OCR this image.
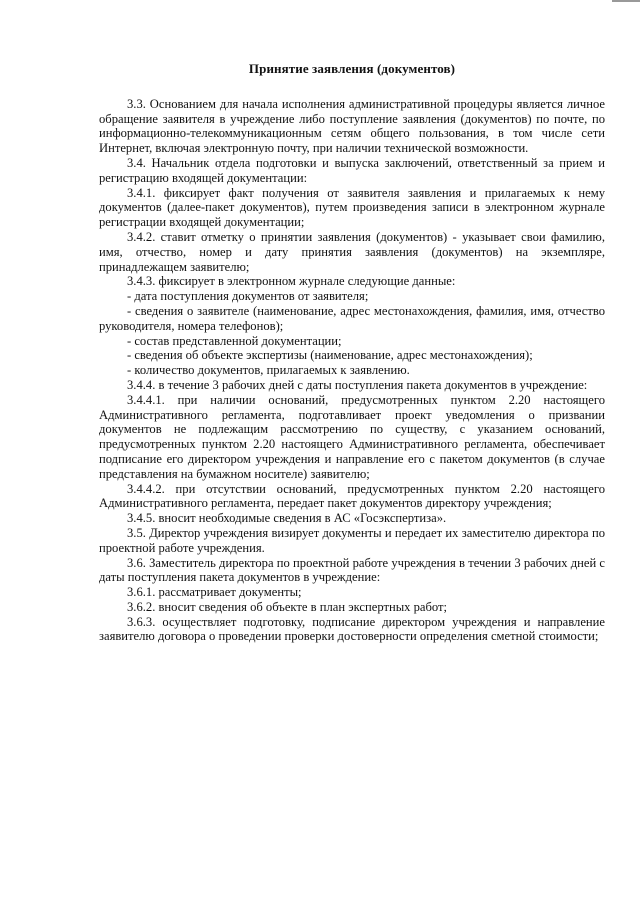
Принятие заявления (документов)

3.3. Основанием для начала исполнения административной процедуры является личное обращение заявителя в учреждение либо поступление заявления (документов) по почте, по информационно-телекоммуникационным сетям общего пользования, в том числе сети Интернет, включая электронную почту, при наличии технической возможности.

3.4. Начальник отдела подготовки и выпуска заключений, ответственный за прием и регистрацию входящей документации:

3.4.1. фиксирует факт получения от заявителя заявления и прилагаемых к нему документов (далее-пакет документов), путем произведения записи в электронном журнале регистрации входящей документации;

3.4.2. ставит отметку о принятии заявления (документов) - указывает свои фамилию, имя, отчество, номер и дату принятия заявления (документов) на экземпляре, принадлежащем заявителю;

3.4.3. фиксирует в электронном журнале следующие данные:

- дата поступления документов от заявителя;

- сведения о заявителе (наименование, адрес местонахождения, фамилия, имя, отчество руководителя, номера телефонов);

- состав представленной документации;

- сведения об объекте экспертизы (наименование, адрес местонахождения);

- количество документов, прилагаемых к заявлению.

3.4.4. в течение 3 рабочих дней с даты поступления пакета документов в учреждение:

3.4.4.1. при наличии оснований, предусмотренных пунктом 2.20 настоящего Административного регламента, подготавливает проект уведомления о призвании документов не подлежащим рассмотрению по существу, с указанием оснований, предусмотренных пунктом 2.20 настоящего Административного регламента, обеспечивает подписание его директором учреждения и направление его с пакетом документов (в случае представления на бумажном носителе) заявителю;

3.4.4.2. при отсутствии оснований, предусмотренных пунктом 2.20 настоящего Административного регламента, передает пакет документов директору учреждения;

3.4.5. вносит необходимые сведения в АС «Госэкспертиза».

3.5. Директор учреждения визирует документы и передает их заместителю директора по проектной работе учреждения.

3.6. Заместитель директора по проектной работе учреждения в течении 3 рабочих дней с даты поступления пакета документов в учреждение:

3.6.1. рассматривает документы;

3.6.2. вносит сведения об объекте в план экспертных работ;

3.6.3. осуществляет подготовку, подписание директором учреждения и направление заявителю договора о проведении проверки достоверности определения сметной стоимости;
